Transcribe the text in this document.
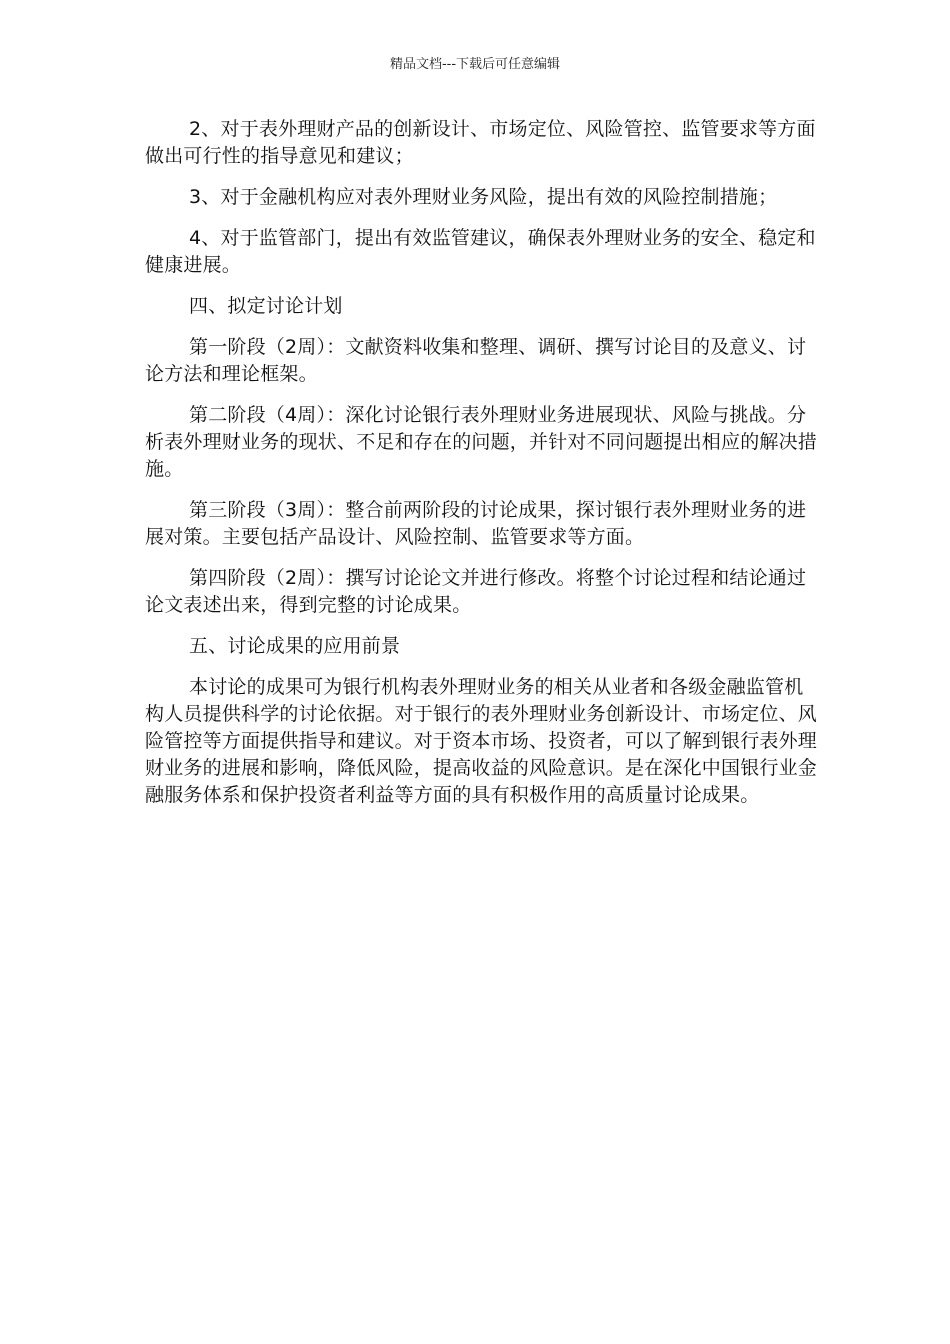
精品文档---下载后可任意编辑

2、对于表外理财产品的创新设计、市场定位、风险管控、监管要求等方面做出可行性的指导意见和建议；

3、对于金融机构应对表外理财业务风险，提出有效的风险控制措施；

4、对于监管部门，提出有效监管建议，确保表外理财业务的安全、稳定和健康进展。

四、拟定讨论计划

第一阶段（2周）：文献资料收集和整理、调研、撰写讨论目的及意义、讨论方法和理论框架。

第二阶段（4周）：深化讨论银行表外理财业务进展现状、风险与挑战。分析表外理财业务的现状、不足和存在的问题，并针对不同问题提出相应的解决措施。

第三阶段（3周）：整合前两阶段的讨论成果，探讨银行表外理财业务的进展对策。主要包括产品设计、风险控制、监管要求等方面。

第四阶段（2周）：撰写讨论论文并进行修改。将整个讨论过程和结论通过论文表述出来，得到完整的讨论成果。

五、讨论成果的应用前景

本讨论的成果可为银行机构表外理财业务的相关从业者和各级金融监管机构人员提供科学的讨论依据。对于银行的表外理财业务创新设计、市场定位、风险管控等方面提供指导和建议。对于资本市场、投资者，可以了解到银行表外理财业务的进展和影响，降低风险，提高收益的风险意识。是在深化中国银行业金融服务体系和保护投资者利益等方面的具有积极作用的高质量讨论成果。
